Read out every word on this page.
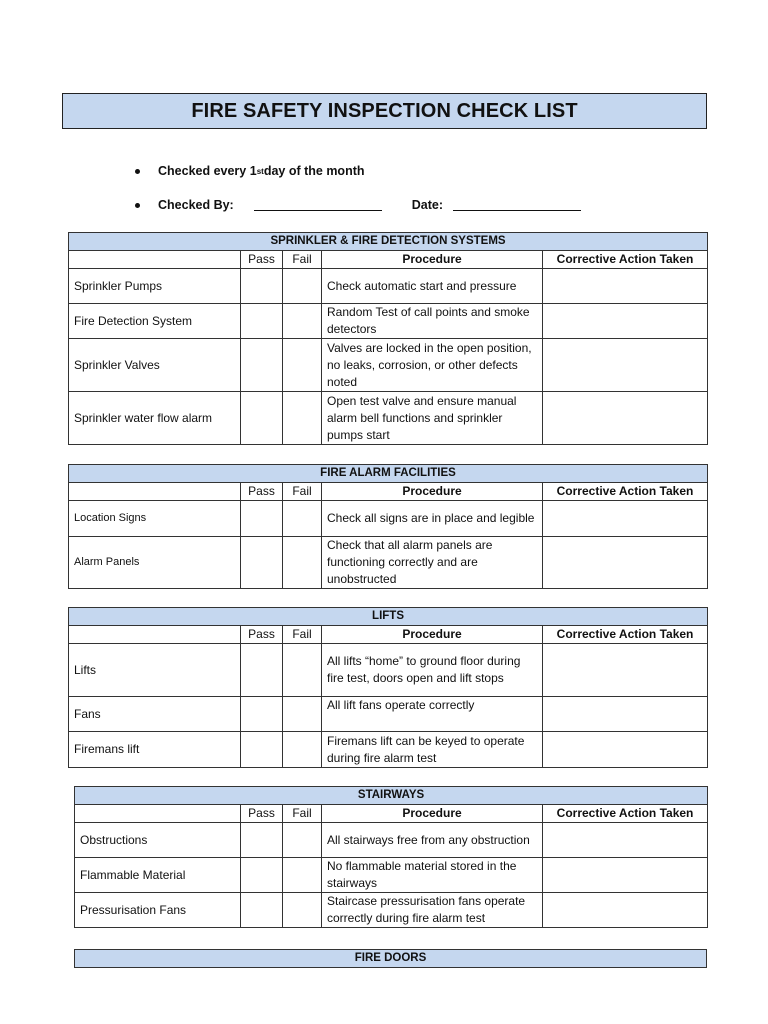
FIRE SAFETY INSPECTION CHECK LIST
Checked every 1 st day of the month
Checked By:	Date:
SPRINKLER & FIRE DETECTION SYSTEMS				
	Pass	Fail	Procedure	Corrective Action Taken
Sprinkler Pumps			Check automatic start and pressure	
Fire Detection System			Random Test of call points and smoke detectors	
Sprinkler Valves			Valves are locked in the open position, no leaks, corrosion, or other defects noted	
Sprinkler water flow alarm			Open test valve and ensure manual alarm bell functions and sprinkler pumps start	
FIRE ALARM FACILITIES				
	Pass	Fail	Procedure	Corrective Action Taken
Location Signs			Check all signs are in place and legible	
Alarm Panels			Check that all alarm panels are functioning correctly and are unobstructed	
LIFTS				
	Pass	Fail	Procedure	Corrective Action Taken
Lifts			All lifts “home” to ground floor during fire test, doors open and lift stops	
Fans			All lift fans operate correctly	
Firemans lift			Firemans lift can be keyed to operate during fire alarm test	
STAIRWAYS				
	Pass	Fail	Procedure	Corrective Action Taken
Obstructions			All stairways free from any obstruction	
Flammable Material			No flammable material stored in the stairways	
Pressurisation Fans			Staircase pressurisation fans operate correctly during fire alarm test	
FIRE DOORS
